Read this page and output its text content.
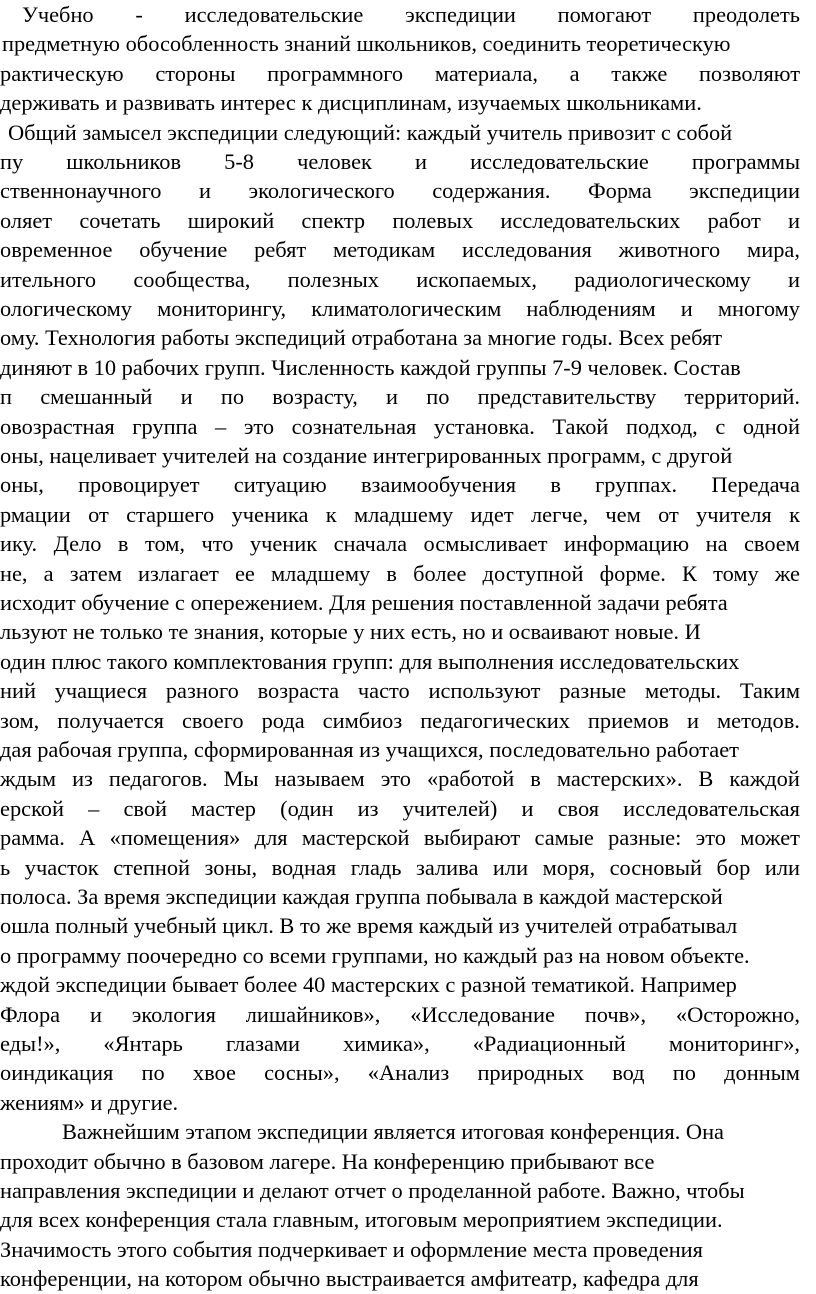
Учебно - исследовательские экспедиции помогают преодолеть
предметную обособленность знаний школьников, соединить теоретическую
рактическую стороны программного материала, а также позволяют
держивать и развивать интерес к дисциплинам, изучаемых школьниками.
Общий замысел экспедиции следующий: каждый учитель привозит с собой
пу школьников 5-8 человек и исследовательские программы
ственнонаучного и экологического содержания. Форма экспедиции
оляет сочетать широкий спектр полевых исследовательских работ и
овременное обучение ребят методикам исследования животного мира,
ительного сообщества, полезных ископаемых, радиологическому и
ологическому мониторингу, климатологическим наблюдениям и многому
ому. Технология работы экспедиций отработана за многие годы. Всех ребят
диняют в 10 рабочих групп. Численность каждой группы 7-9 человек. Состав
п смешанный и по возрасту, и по представительству территорий.
овозрастная группа – это сознательная установка. Такой подход, с одной
оны, нацеливает учителей на создание интегрированных программ, с другой
оны, провоцирует ситуацию взаимообучения в группах. Передача
рмации от старшего ученика к младшему идет легче, чем от учителя к
ику. Дело в том, что ученик сначала осмысливает информацию на своем
не, а затем излагает ее младшему в более доступной форме. К тому же
исходит обучение с опережением. Для решения поставленной задачи ребята
льзуют не только те знания, которые у них есть, но и осваивают новые. И
один плюс такого комплектования групп: для выполнения исследовательских
ний учащиеся разного возраста часто используют разные методы. Таким
зом, получается своего рода симбиоз педагогических приемов и методов.
дая рабочая группа, сформированная из учащихся, последовательно работает
ждым из педагогов. Мы называем это «работой в мастерских». В каждой
ерской – свой мастер (один из учителей) и своя исследовательская
рамма. А «помещения» для мастерской выбирают самые разные: это может
ь участок степной зоны, водная гладь залива или моря, сосновый бор или
полоса. За время экспедиции каждая группа побывала в каждой мастерской
ошла полный учебный цикл. В то же время каждый из учителей отрабатывал
о программу поочередно со всеми группами, но каждый раз на новом объекте.
ждой экспедиции бывает более 40 мастерских с разной тематикой. Например
Флора и экология лишайников», «Исследование почв», «Осторожно,
еды!», «Янтарь глазами химика», «Радиационный мониторинг»,
оиндикация по хвое сосны», «Анализ природных вод по донным
жениям» и другие.
Важнейшим этапом экспедиции является итоговая конференция. Она
проходит обычно в базовом лагере. На конференцию прибывают все
направления экспедиции и делают отчет о проделанной работе. Важно, чтобы
для всех конференция стала главным, итоговым мероприятием экспедиции.
Значимость этого события подчеркивает и оформление места проведения
конференции, на котором обычно выстраивается амфитеатр, кафедра для
